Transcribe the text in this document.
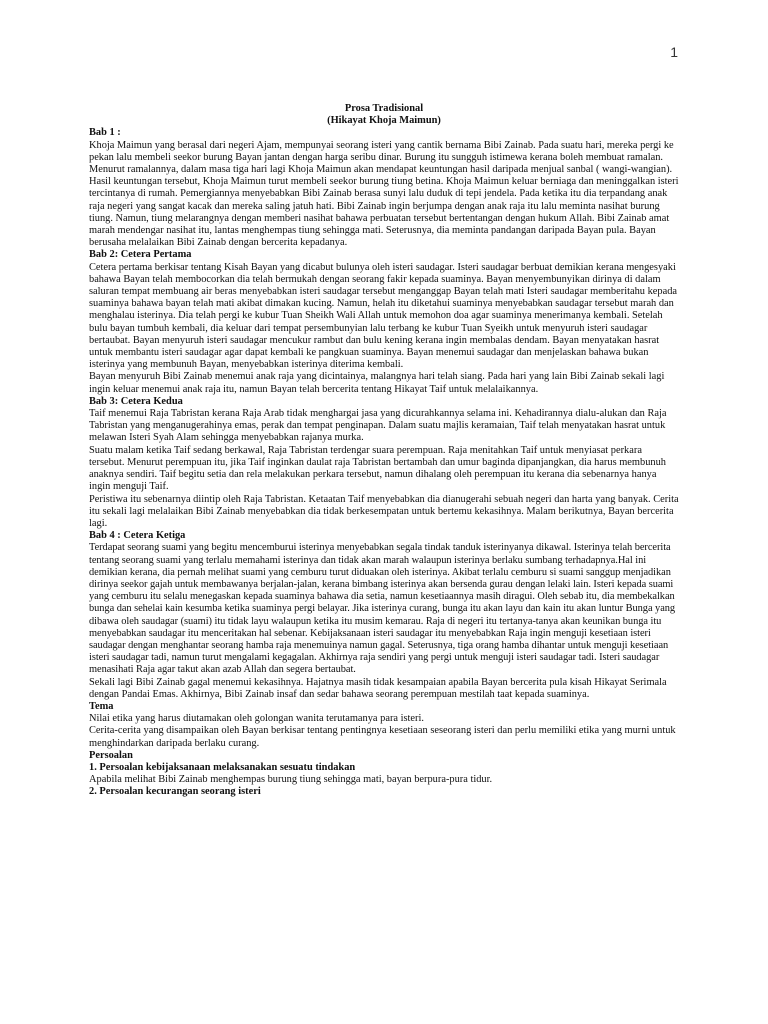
1
Prosa Tradisional
(Hikayat Khoja Maimun)
Bab 1 :

Khoja Maimun yang berasal dari negeri Ajam, mempunyai seorang isteri yang cantik bernama Bibi Zainab. Pada suatu hari, mereka pergi ke pekan lalu membeli seekor burung Bayan jantan dengan harga seribu dinar. Burung itu sungguh istimewa kerana boleh membuat ramalan. Menurut ramalannya, dalam masa tiga hari lagi Khoja Maimun akan mendapat keuntungan hasil daripada menjual sanbal ( wangi-wangian). Hasil keuntungan tersebut, Khoja Maimun turut membeli seekor burung tiung betina. Khoja Maimun keluar berniaga dan meninggalkan isteri tercintanya di rumah. Pemergiannya menyebabkan Bibi Zainab berasa sunyi lalu duduk di tepi jendela. Pada ketika itu dia terpandang anak raja negeri yang sangat kacak dan mereka saling jatuh hati. Bibi Zainab ingin berjumpa dengan anak raja itu lalu meminta nasihat burung tiung. Namun, tiung melarangnya dengan memberi nasihat bahawa perbuatan tersebut bertentangan dengan hukum Allah. Bibi Zainab amat marah mendengar nasihat itu, lantas menghempas tiung sehingga mati. Seterusnya, dia meminta pandangan daripada Bayan pula. Bayan berusaha melalaikan Bibi Zainab dengan bercerita kepadanya.

Bab 2: Cetera Pertama

Cetera pertama berkisar tentang Kisah Bayan yang dicabut bulunya oleh isteri saudagar. Isteri saudagar berbuat demikian kerana mengesyaki bahawa Bayan telah membocorkan dia telah bermukah dengan seorang fakir kepada suaminya. Bayan menyembunyikan dirinya di dalam saluran tempat membuang air beras menyebabkan isteri saudagar tersebut menganggap Bayan telah mati Isteri saudagar memberitahu kepada suaminya bahawa bayan telah mati akibat dimakan kucing. Namun, helah itu diketahui suaminya menyebabkan saudagar tersebut marah dan menghalau isterinya. Dia telah pergi ke kubur Tuan Sheikh Wali Allah untuk memohon doa agar suaminya menerimanya kembali. Setelah bulu bayan tumbuh kembali, dia keluar dari tempat persembunyian lalu terbang ke kubur Tuan Syeikh untuk menyuruh isteri saudagar bertaubat. Bayan menyuruh isteri saudagar mencukur rambut dan bulu kening kerana ingin membalas dendam. Bayan menyatakan hasrat untuk membantu isteri saudagar agar dapat kembali ke pangkuan suaminya. Bayan menemui saudagar dan menjelaskan bahawa bukan isterinya yang membunuh Bayan, menyebabkan isterinya diterima kembali.

Bayan menyuruh Bibi Zainab menemui anak raja yang dicintainya, malangnya hari telah siang. Pada hari yang lain Bibi Zainab sekali lagi ingin keluar menemui anak raja itu, namun Bayan telah bercerita tentang Hikayat Taif untuk melalaikannya.

Bab 3: Cetera Kedua

Taif menemui Raja Tabristan kerana Raja Arab tidak menghargai jasa yang dicurahkannya selama ini. Kehadirannya dialu-alukan dan Raja Tabristan yang menganugerahinya emas, perak dan tempat penginapan. Dalam suatu majlis keramaian, Taif telah menyatakan hasrat untuk melawan Isteri Syah Alam sehingga menyebabkan rajanya murka.

Suatu malam ketika Taif sedang berkawal, Raja Tabristan terdengar suara perempuan. Raja menitahkan Taif untuk menyiasat perkara tersebut. Menurut perempuan itu, jika Taif inginkan daulat raja Tabristan bertambah dan umur baginda dipanjangkan, dia harus membunuh anaknya sendiri. Taif begitu setia dan rela melakukan perkara tersebut, namun dihalang oleh perempuan itu kerana dia sebenarnya hanya ingin menguji Taif.

Peristiwa itu sebenarnya diintip oleh Raja Tabristan. Ketaatan Taif menyebabkan dia dianugerahi sebuah negeri dan harta yang banyak. Cerita itu sekali lagi melalaikan Bibi Zainab menyebabkan dia tidak berkesempatan untuk bertemu kekasihnya. Malam berikutnya, Bayan bercerita lagi.

Bab 4 : Cetera Ketiga

Terdapat seorang suami yang begitu mencemburui isterinya menyebabkan segala tindak tanduk isterinyanya dikawal. Isterinya telah bercerita tentang seorang suami yang terlalu memahami isterinya dan tidak akan marah walaupun isterinya berlaku sumbang terhadapnya.Hal ini demikian kerana, dia pernah melihat suami yang cemburu turut diduakan oleh isterinya. Akibat terlalu cemburu si suami sanggup menjadikan dirinya seekor gajah untuk membawanya berjalan-jalan, kerana bimbang isterinya akan bersenda gurau dengan lelaki lain. Isteri kepada suami yang cemburu itu selalu menegaskan kepada suaminya bahawa dia setia, namun kesetiaannya masih diragui. Oleh sebab itu, dia membekalkan bunga dan sehelai kain kesumba ketika suaminya pergi belayar. Jika isterinya curang, bunga itu akan layu dan kain itu akan luntur Bunga yang dibawa oleh saudagar (suami) itu tidak layu walaupun ketika itu musim kemarau. Raja di negeri itu tertanya-tanya akan keunikan bunga itu menyebabkan saudagar itu menceritakan hal sebenar. Kebijaksanaan isteri saudagar itu menyebabkan Raja ingin menguji kesetiaan isteri saudagar dengan menghantar seorang hamba raja menemuinya namun gagal. Seterusnya, tiga orang hamba dihantar untuk menguji kesetiaan isteri saudagar tadi, namun turut mengalami kegagalan. Akhirnya raja sendiri yang pergi untuk menguji isteri saudagar tadi. Isteri saudagar menasihati Raja agar takut akan azab Allah dan segera bertaubat.

Sekali lagi Bibi Zainab gagal menemui kekasihnya. Hajatnya masih tidak kesampaian apabila Bayan bercerita pula kisah Hikayat Serimala dengan Pandai Emas. Akhirnya, Bibi Zainab insaf dan sedar bahawa seorang perempuan mestilah taat kepada suaminya.

Tema

Nilai etika yang harus diutamakan oleh golongan wanita terutamanya para isteri.

Cerita-cerita yang disampaikan oleh Bayan berkisar tentang pentingnya kesetiaan seseorang isteri dan perlu memiliki etika yang murni untuk menghindarkan daripada berlaku curang.

Persoalan
1. Persoalan kebijaksanaan melaksanakan sesuatu tindakan

Apabila melihat Bibi Zainab menghempas burung tiung sehingga mati, bayan berpura-pura tidur.

2. Persoalan kecurangan seorang isteri
